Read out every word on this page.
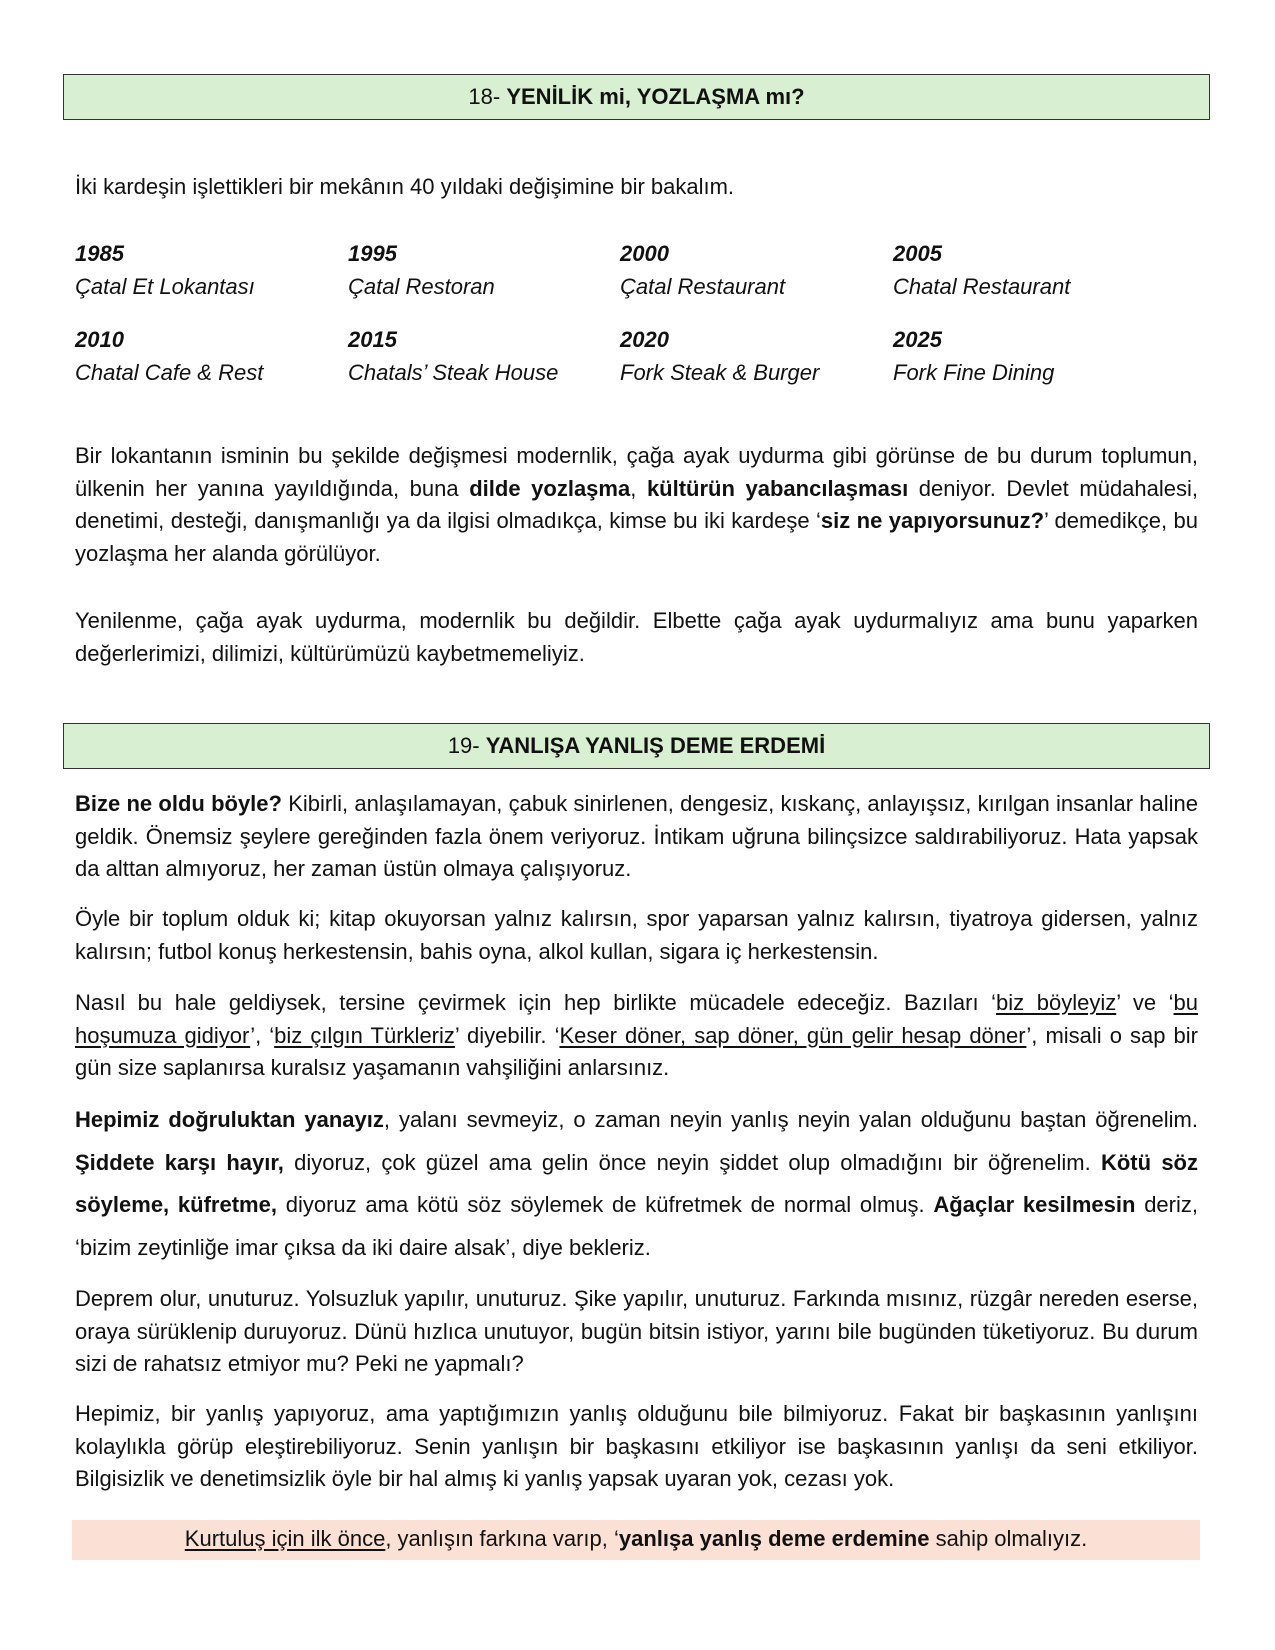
18- YENİLİK mi, YOZLAŞMA mı?

İki kardeşin işlettikleri bir mekânın 40 yıldaki değişimine bir bakalım.

1985
Çatal Et Lokantası
1995
Çatal Restoran
2000
Çatal Restaurant
2005
Chatal Restaurant
2010
Chatal Cafe & Rest
2015
Chatals’ Steak House
2020
Fork Steak & Burger
2025
Fork Fine Dining

Bir lokantanın isminin bu şekilde değişmesi modernlik, çağa ayak uydurma gibi görünse de bu durum toplumun, ülkenin her yanına yayıldığında, buna dilde yozlaşma, kültürün yabancılaşması deniyor. Devlet müdahalesi, denetimi, desteği, danışmanlığı ya da ilgisi olmadıkça, kimse bu iki kardeşe ‘siz ne yapıyorsunuz?’ demedikçe, bu yozlaşma her alanda görülüyor.

Yenilenme, çağa ayak uydurma, modernlik bu değildir. Elbette çağa ayak uydurmalıyız ama bunu yaparken değerlerimizi, dilimizi, kültürümüzü kaybetmemeliyiz.

19- YANLIŞA YANLIŞ DEME ERDEMİ

Bize ne oldu böyle? Kibirli, anlaşılamayan, çabuk sinirlenen, dengesiz, kıskanç, anlayışsız, kırılgan insanlar haline geldik. Önemsiz şeylere gereğinden fazla önem veriyoruz. İntikam uğruna bilinçsizce saldırabiliyoruz. Hata yapsak da alttan almıyoruz, her zaman üstün olmaya çalışıyoruz.

Öyle bir toplum olduk ki; kitap okuyorsan yalnız kalırsın, spor yaparsan yalnız kalırsın, tiyatroya gidersen, yalnız kalırsın; futbol konuş herkestensin, bahis oyna, alkol kullan, sigara iç herkestensin.

Nasıl bu hale geldiysek, tersine çevirmek için hep birlikte mücadele edeceğiz. Bazıları ‘biz böyleyiz’ ve ‘bu hoşumuza gidiyor’, ‘biz çılgın Türkleriz’ diyebilir. ‘Keser döner, sap döner, gün gelir hesap döner’, misali o sap bir gün size saplanırsa kuralsız yaşamanın vahşiliğini anlarsınız.

Hepimiz doğruluktan yanayız, yalanı sevmeyiz, o zaman neyin yanlış neyin yalan olduğunu baştan öğrenelim. Şiddete karşı hayır, diyoruz, çok güzel ama gelin önce neyin şiddet olup olmadığını bir öğrenelim. Kötü söz söyleme, küfretme, diyoruz ama kötü söz söylemek de küfretmek de normal olmuş. Ağaçlar kesilmesin deriz, ‘bizim zeytinliğe imar çıksa da iki daire alsak’, diye bekleriz.

Deprem olur, unuturuz. Yolsuzluk yapılır, unuturuz. Şike yapılır, unuturuz. Farkında mısınız, rüzgâr nereden eserse, oraya sürüklenip duruyoruz. Dünü hızlıca unutuyor, bugün bitsin istiyor, yarını bile bugünden tüketiyoruz. Bu durum sizi de rahatsız etmiyor mu? Peki ne yapmalı?

Hepimiz, bir yanlış yapıyoruz, ama yaptığımızın yanlış olduğunu bile bilmiyoruz. Fakat bir başkasının yanlışını kolaylıkla görüp eleştirebiliyoruz. Senin yanlışın bir başkasını etkiliyor ise başkasının yanlışı da seni etkiliyor. Bilgisizlik ve denetimsizlik öyle bir hal almış ki yanlış yapsak uyaran yok, cezası yok.

Kurtuluş için ilk önce, yanlışın farkına varıp, ‘yanlışa yanlış deme erdemine sahip olmalıyız.
